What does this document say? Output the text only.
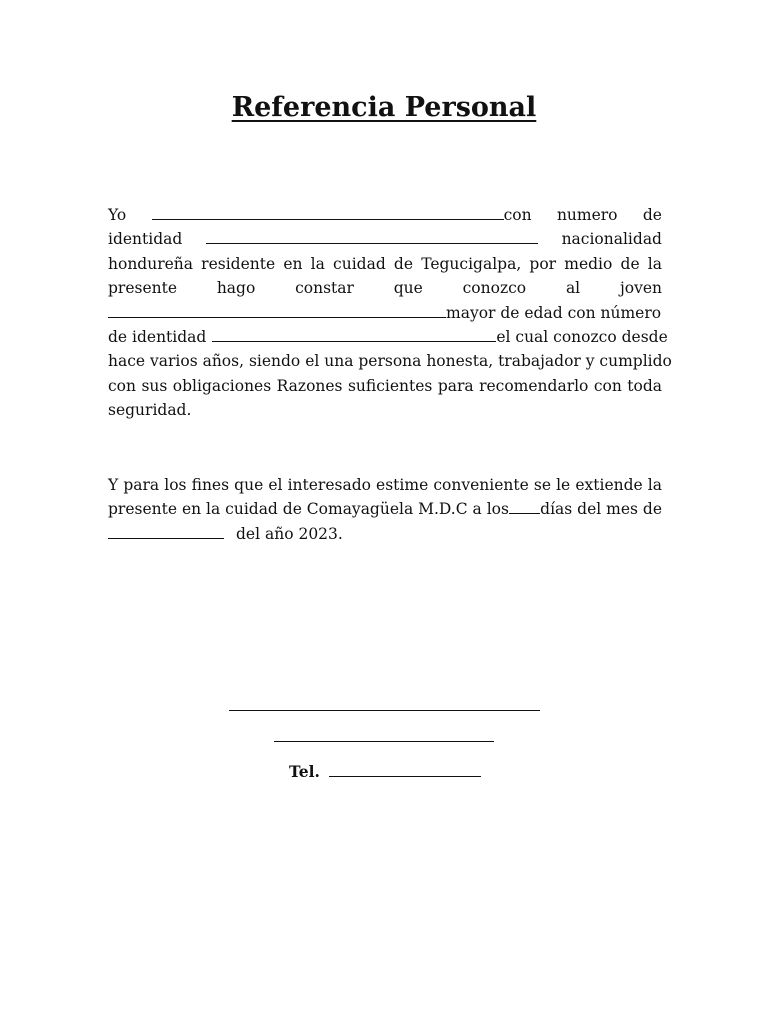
Referencia Personal
Yo	con numero de
identidad	nacionalidad
hondureña residente en la cuidad de Tegucigalpa, por medio de la
presente	hago	constar	que	conozco	al	joven
mayor de edad con número
de identidad	el cual conozco desde
hace varios años, siendo el una persona honesta, trabajador y cumplido
con sus obligaciones Razones suficientes para recomendarlo con toda
seguridad.
Y para los fines que el interesado estime conveniente se le extiende la
presente en la cuidad de Comayagüela M.D.C a los días del mes de
del año 2023.
Tel.
